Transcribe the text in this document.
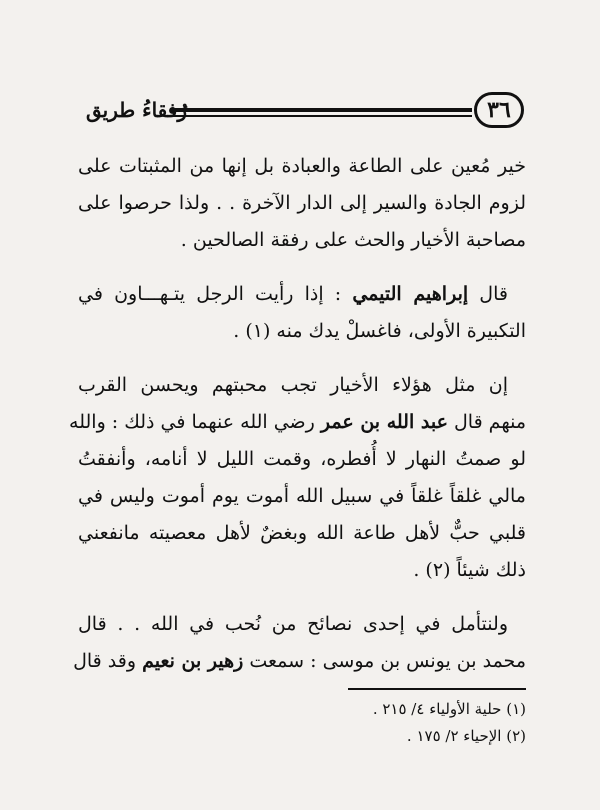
٣٦
رُفقاءُ طريق
خير مُعين على الطاعة والعبادة بل إنها من المثبتات على
لزوم الجادة والسير إلى الدار الآخرة . . ولذا حرصوا على
مصاحبة الأخيار والحث على رفقة الصالحين .
قال إبراهيم التيمي : إذا رأيت الرجل يتـهـــاون في
التكبيرة الأولى، فاغسلْ يدك منه (١) .
إن مثل هؤلاء الأخيار تجب محبتهم ويحسن القرب
منهم قال عبد الله بن عمر رضي الله عنهما في ذلك : والله
لو صمتُ النهار لا أُفطره، وقمت الليل لا أنامه، وأنفقتُ
مالي غلقاً غلقاً في سبيل الله أموت يوم أموت وليس في
قلبي حبٌّ لأهل طاعة الله وبغضٌ لأهل معصيته مانفعني
ذلك شيئاً (٢) .
ولنتأمل في إحدى نصائح من نُحب في الله . . قال
محمد بن يونس بن موسى : سمعت زهير بن نعيم وقد قال
(١) حلية الأولياء ٤/ ٢١٥ .
(٢) الإحياء ٢/ ١٧٥ .
